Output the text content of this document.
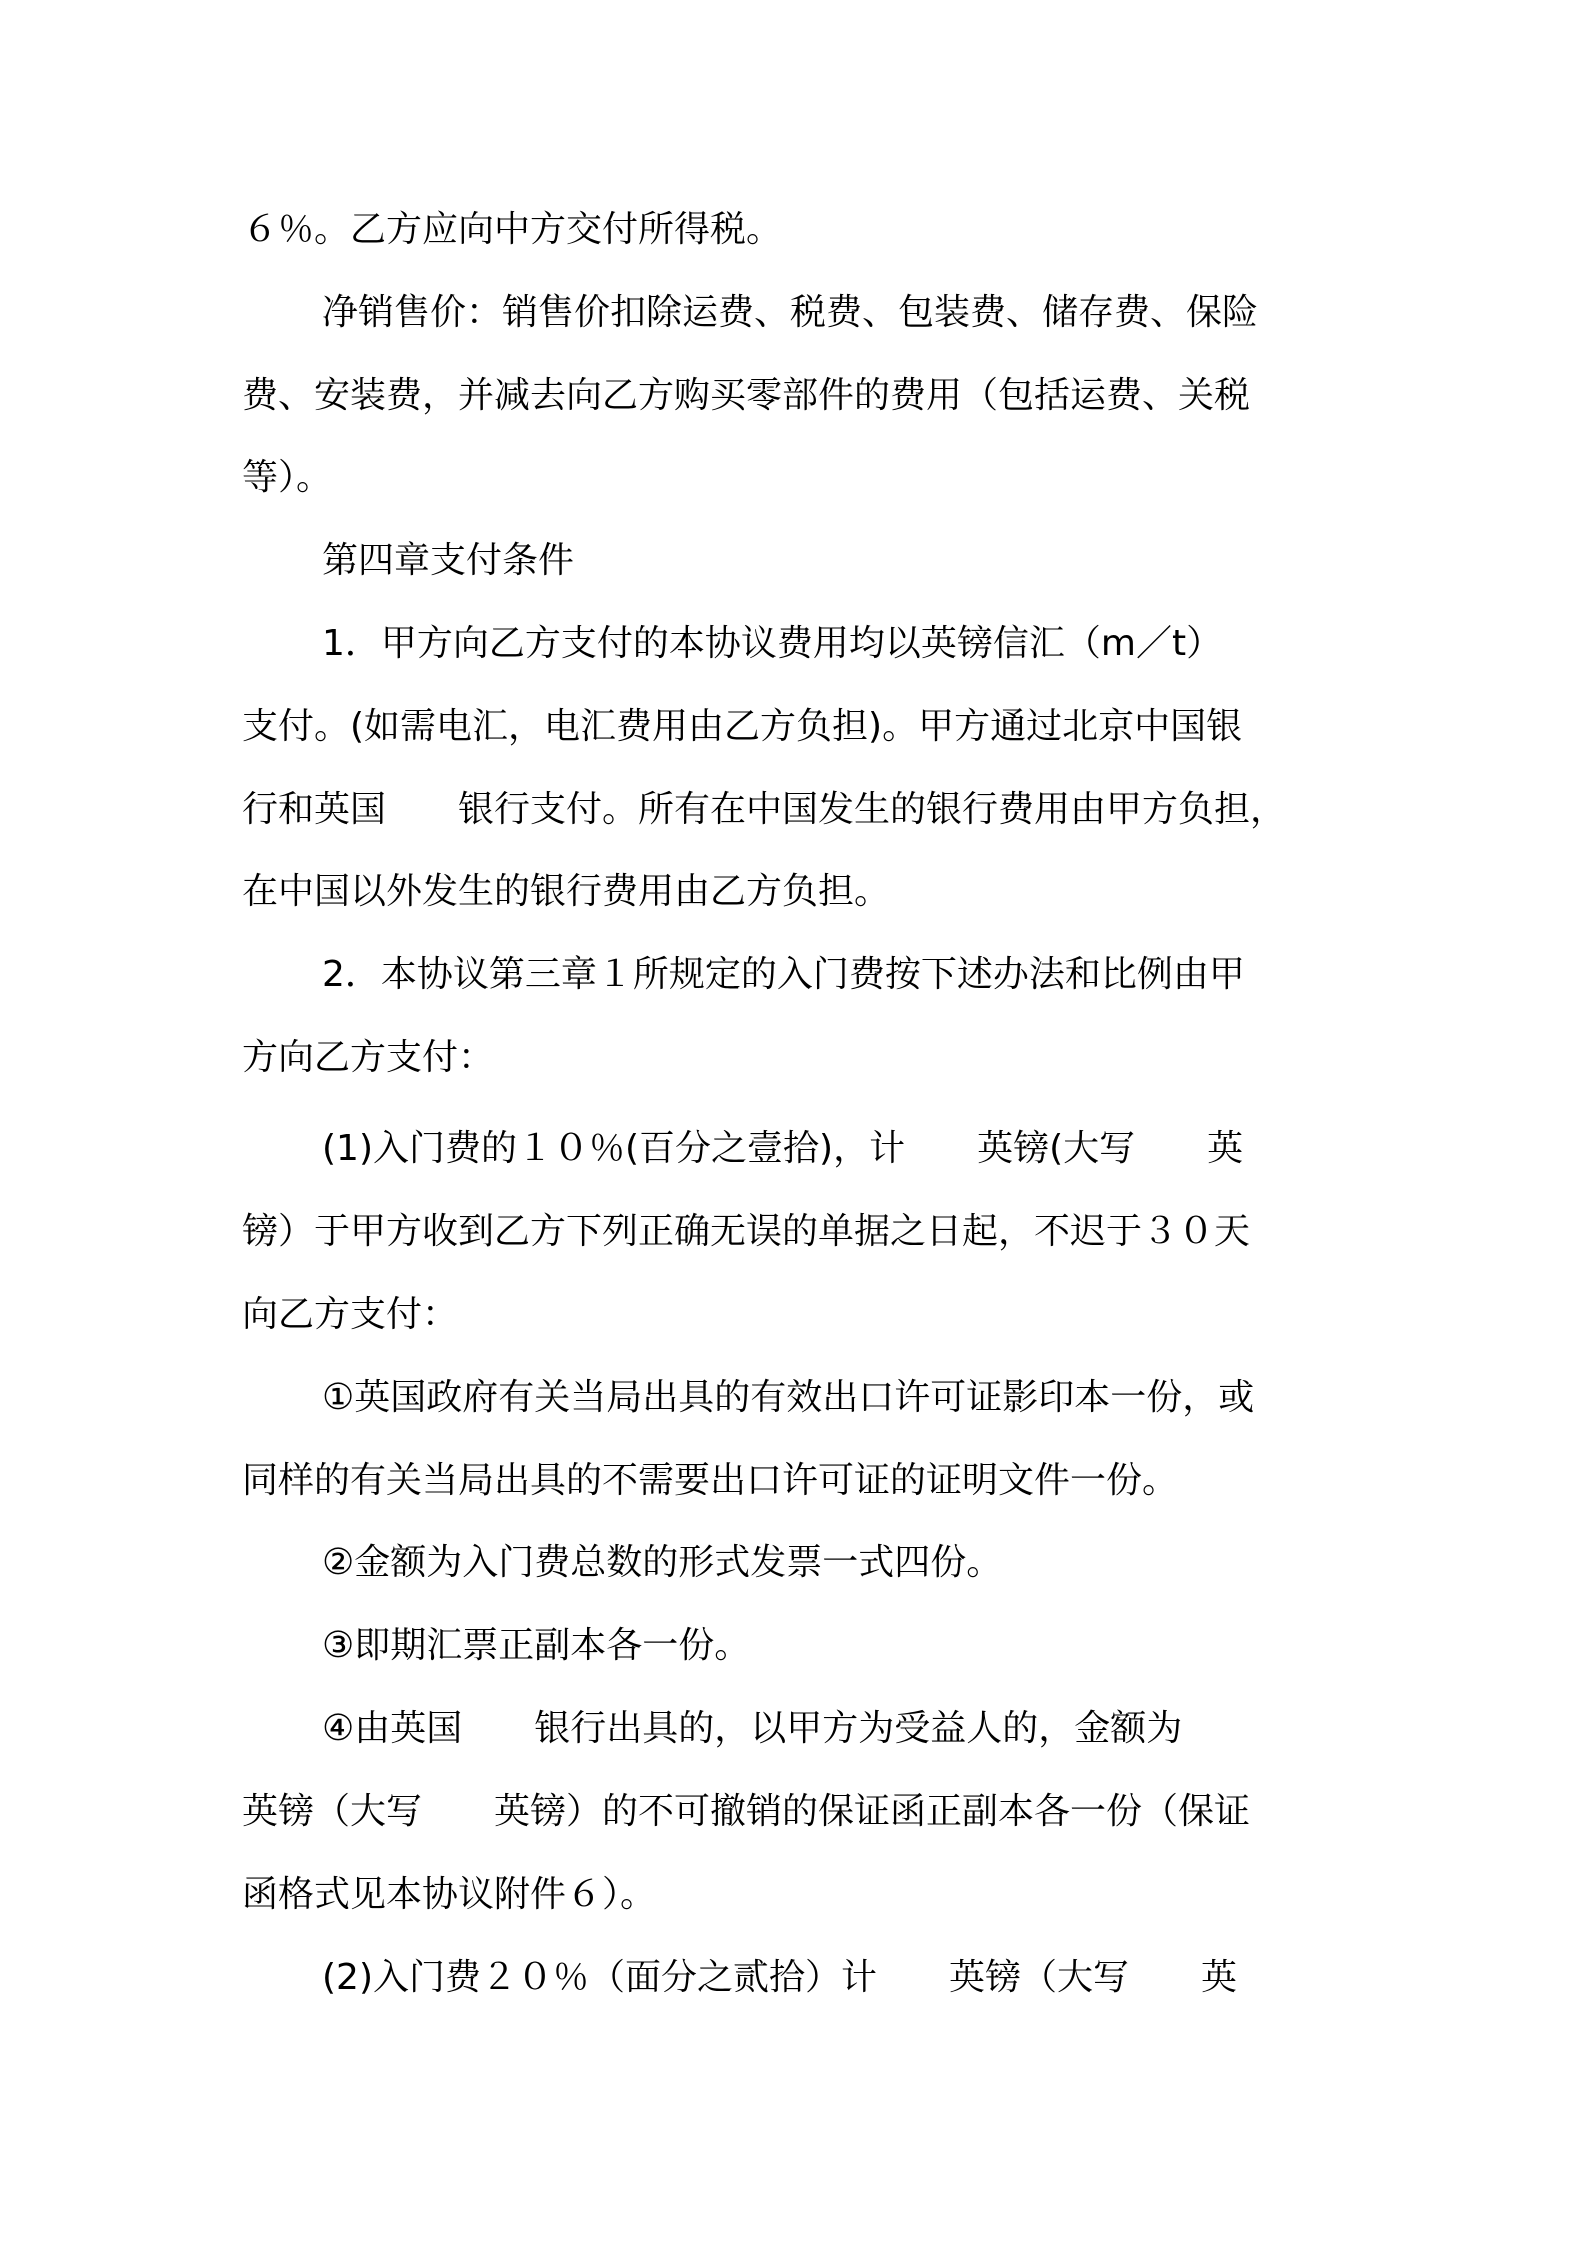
６％。乙方应向中方交付所得税。
净销售价：销售价扣除运费、税费、包装费、储存费、保险
费、安装费，并减去向乙方购买零部件的费用（包括运费、关税
等）。
第四章支付条件
1．甲方向乙方支付的本协议费用均以英镑信汇（m／t）
支付。(如需电汇，电汇费用由乙方负担)。甲方通过北京中国银
行和英国　　银行支付。所有在中国发生的银行费用由甲方负担，
在中国以外发生的银行费用由乙方负担。
2．本协议第三章１所规定的入门费按下述办法和比例由甲
方向乙方支付：
(1)入门费的１０％(百分之壹拾)，计　　英镑(大写　　英
镑）于甲方收到乙方下列正确无误的单据之日起，不迟于３０天
向乙方支付：
①英国政府有关当局出具的有效出口许可证影印本一份，或
同样的有关当局出具的不需要出口许可证的证明文件一份。
②金额为入门费总数的形式发票一式四份。
③即期汇票正副本各一份。
④由英国　　银行出具的，以甲方为受益人的，金额为
英镑（大写　　英镑）的不可撤销的保证函正副本各一份（保证
函格式见本协议附件６）。
(2)入门费２０％（面分之贰拾）计　　英镑（大写　　英
